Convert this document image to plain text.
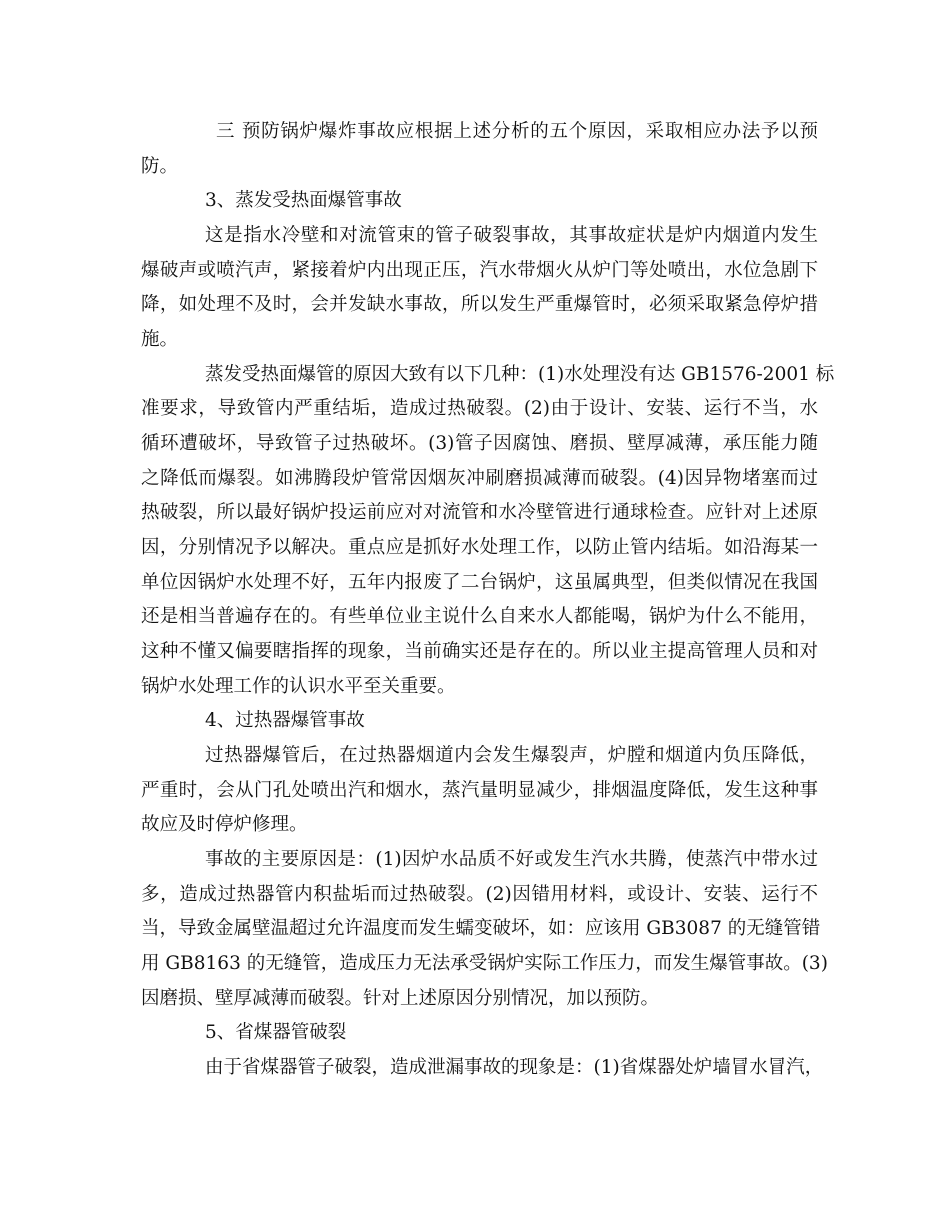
三 预防锅炉爆炸事故应根据上述分析的五个原因，采取相应办法予以预
防。
3、蒸发受热面爆管事故
这是指水冷壁和对流管束的管子破裂事故，其事故症状是炉内烟道内发生
爆破声或喷汽声，紧接着炉内出现正压，汽水带烟火从炉门等处喷出，水位急剧下
降，如处理不及时，会并发缺水事故，所以发生严重爆管时，必须采取紧急停炉措
施。
蒸发受热面爆管的原因大致有以下几种：(1)水处理没有达 GB1576-2001 标
准要求，导致管内严重结垢，造成过热破裂。(2)由于设计、安装、运行不当，水
循环遭破坏，导致管子过热破坏。(3)管子因腐蚀、磨损、壁厚减薄，承压能力随
之降低而爆裂。如沸腾段炉管常因烟灰冲刷磨损减薄而破裂。(4)因异物堵塞而过
热破裂，所以最好锅炉投运前应对对流管和水冷壁管进行通球检查。应针对上述原
因，分别情况予以解决。重点应是抓好水处理工作，以防止管内结垢。如沿海某一
单位因锅炉水处理不好，五年内报废了二台锅炉，这虽属典型，但类似情况在我国
还是相当普遍存在的。有些单位业主说什么自来水人都能喝，锅炉为什么不能用，
这种不懂又偏要瞎指挥的现象，当前确实还是存在的。所以业主提高管理人员和对
锅炉水处理工作的认识水平至关重要。
4、过热器爆管事故
过热器爆管后，在过热器烟道内会发生爆裂声，炉膛和烟道内负压降低，
严重时，会从门孔处喷出汽和烟水，蒸汽量明显减少，排烟温度降低，发生这种事
故应及时停炉修理。
事故的主要原因是：(1)因炉水品质不好或发生汽水共腾，使蒸汽中带水过
多，造成过热器管内积盐垢而过热破裂。(2)因错用材料，或设计、安装、运行不
当，导致金属壁温超过允许温度而发生蠕变破坏，如：应该用 GB3087 的无缝管错
用 GB8163 的无缝管，造成压力无法承受锅炉实际工作压力，而发生爆管事故。(3)
因磨损、壁厚减薄而破裂。针对上述原因分别情况，加以预防。
5、省煤器管破裂
由于省煤器管子破裂，造成泄漏事故的现象是：(1)省煤器处炉墙冒水冒汽，
